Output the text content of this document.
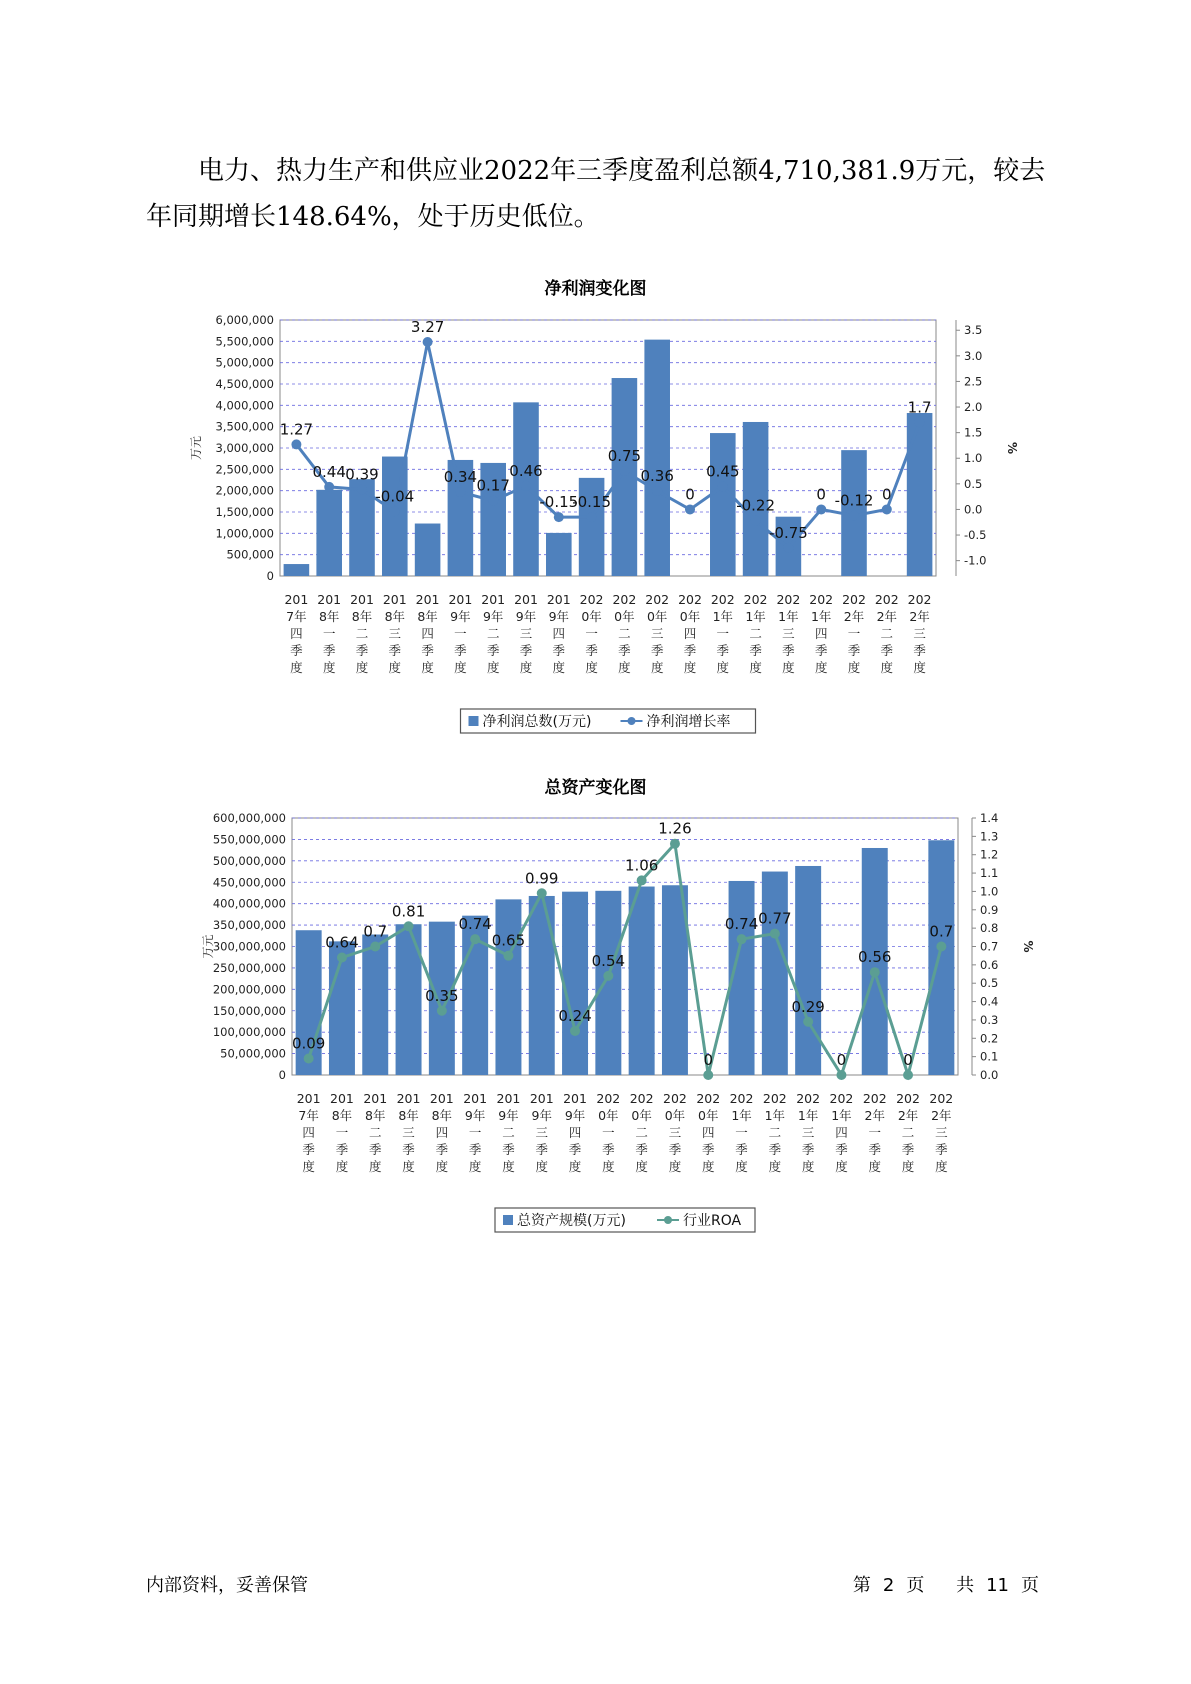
电力、热力生产和供应业2022年三季度盈利总额4,710,381.9万元，较去年同期增长148.64%，处于历史低位。
净利润变化图
0
500,000
1,000,000
1,500,000
2,000,000
2,500,000
3,000,000
3,500,000
4,000,000
4,500,000
5,000,000
5,500,000
6,000,000
-1.0
-0.5
0.0
0.5
1.0
1.5
2.0
2.5
3.0
3.5
万元	%
1.27
0.44 0.39
-0.04
3.27
0.34 0.17
0.46
-0.15
-0.15
0.75
0.36
0
0.45
-0.22
-0.75
0 -0.12 0
1.7
201
7年
四
季
度
201
8年
一
季
度
201
8年
二
季
度
201
8年
三
季
度
201
8年
四
季
度
201
9年
一
季
度
201
9年
二
季
度
201
9年
三
季
度
201
9年
四
季
度
202
0年
一
季
度
202
0年
二
季
度
202
0年
三
季
度
202
0年
四
季
度
202
1年
一
季
度
202
1年
二
季
度
202
1年
三
季
度
202
1年
四
季
度
202
2年
一
季
度
202
2年
二
季
度
202
2年
三
季
度
净利润总数(万元)	净利润增长率
总资产变化图
0
50,000,000
100,000,000
150,000,000
200,000,000
250,000,000
300,000,000
350,000,000
400,000,000
450,000,000
500,000,000
550,000,000
600,000,000
0.0
0.1
0.2
0.3
0.4
0.5
0.6
0.7
0.8
0.9
1.0
1.1
1.2
1.3
1.4
万元	%
0.09
0.64
0.7
0.81
0.35
0.74
0.65
0.99
0.24
0.54
1.06
1.26
0
0.74 0.77
0.29
0
0.56
0
0.7
201
7年
四
季
度
201
8年
一
季
度
201
8年
二
季
度
201
8年
三
季
度
201
8年
四
季
度
201
9年
一
季
度
201
9年
二
季
度
201
9年
三
季
度
201
9年
四
季
度
202
0年
一
季
度
202
0年
二
季
度
202
0年
三
季
度
202
0年
四
季
度
202
1年
一
季
度
202
1年
二
季
度
202
1年
三
季
度
202
1年
四
季
度
202
2年
一
季
度
202
2年
二
季
度
202
2年
三
季
度
总资产规模(万元)	行业ROA
内部资料，妥善保管	第 2 页 共 11 页
